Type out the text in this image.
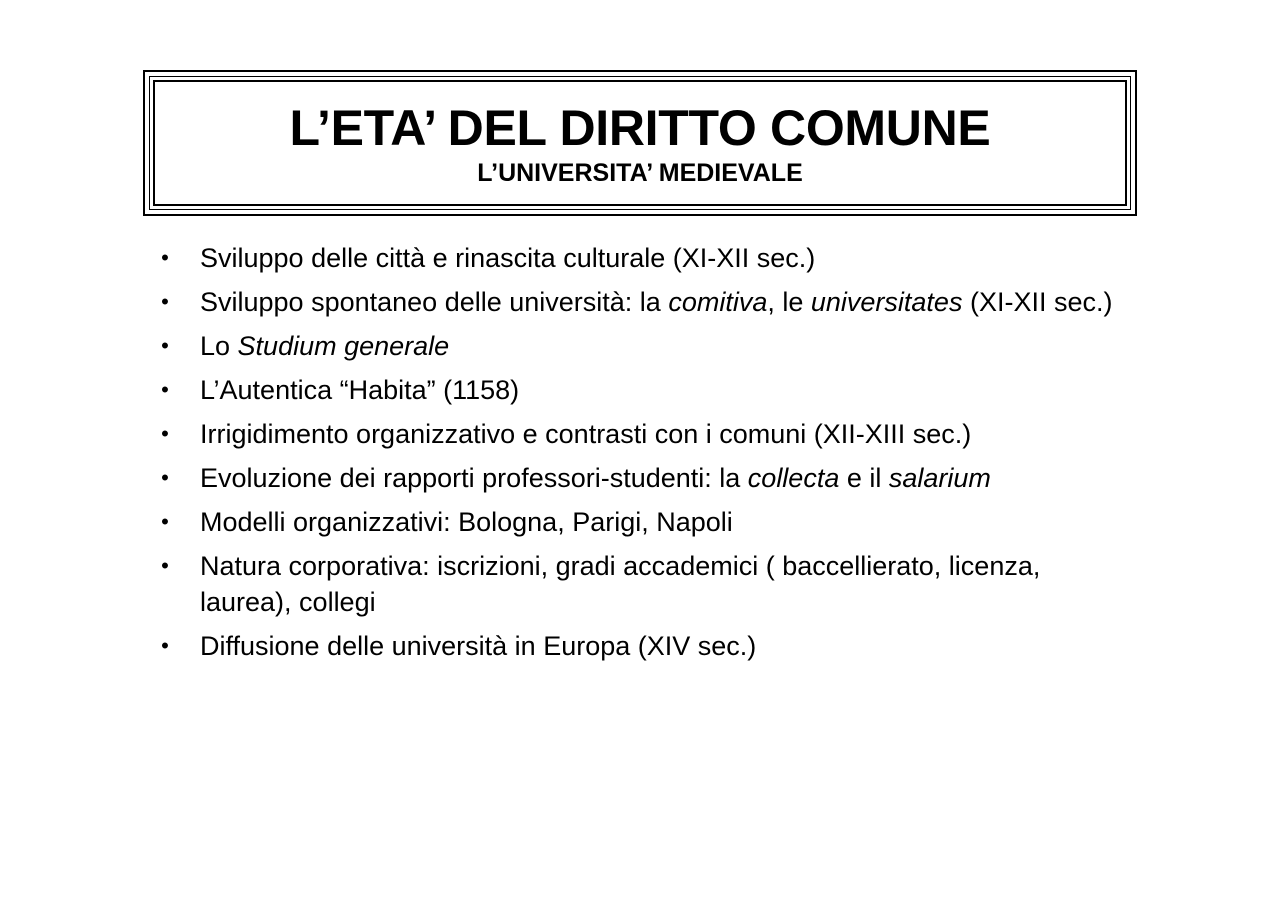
L’ETA’ DEL DIRITTO COMUNE
L’UNIVERSITA’ MEDIEVALE
• Sviluppo delle città e rinascita culturale (XI-XII sec.)
• Sviluppo spontaneo delle università: la comitiva, le universitates (XI-XII sec.)
• Lo Studium generale
• L’Autentica “Habita” (1158)
• Irrigidimento organizzativo e contrasti con i comuni (XII-XIII sec.)
• Evoluzione dei rapporti professori-studenti: la collecta e il salarium
• Modelli organizzativi: Bologna, Parigi, Napoli
• Natura corporativa: iscrizioni, gradi accademici ( baccellierato, licenza, laurea), collegi
• Diffusione delle università in Europa (XIV sec.)
